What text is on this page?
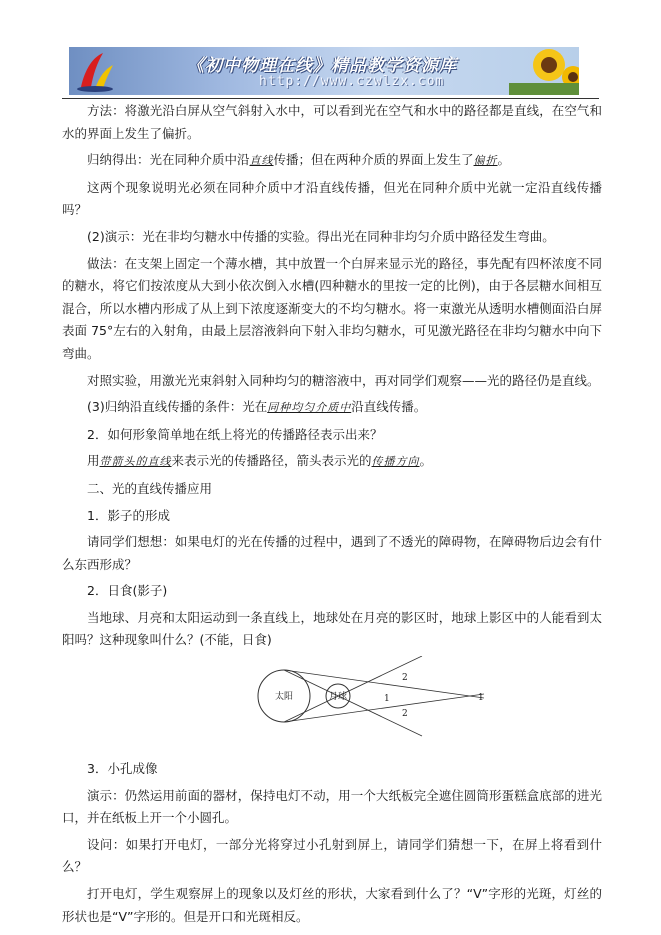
《初中物理在线》精品教学资源库
http://www.czwlzx.com

方法：将激光沿白屏从空气斜射入水中，可以看到光在空气和水中的路径都是直线，在空气和水的界面上发生了偏折。

归纳得出：光在同种介质中沿直线传播；但在两种介质的界面上发生了偏折。

这两个现象说明光必须在同种介质中才沿直线传播，但光在同种介质中光就一定沿直线传播吗？

(2)演示：光在非均匀糖水中传播的实验。得出光在同种非均匀介质中路径发生弯曲。

做法：在支架上固定一个薄水槽，其中放置一个白屏来显示光的路径，事先配有四杯浓度不同的糖水，将它们按浓度从大到小依次倒入水槽(四种糖水的里按一定的比例)，由于各层糖水间相互混合，所以水槽内形成了从上到下浓度逐渐变大的不均匀糖水。将一束激光从透明水槽侧面沿白屏表面 75°左右的入射角，由最上层溶液斜向下射入非均匀糖水，可见激光路径在非均匀糖水中向下弯曲。

对照实验，用激光光束斜射入同种均匀的糖溶液中，再对同学们观察——光的路径仍是直线。

(3)归纳沿直线传播的条件：光在同种均匀介质中沿直线传播。

2．如何形象简单地在纸上将光的传播路径表示出来？

用带箭头的直线来表示光的传播路径，箭头表示光的传播方向。

二、光的直线传播应用

1．影子的形成

请同学们想想：如果电灯的光在传播的过程中，遇到了不透光的障碍物，在障碍物后边会有什么东西形成？

2．日食(影子)

当地球、月亮和太阳运动到一条直线上，地球处在月亮的影区时，地球上影区中的人能看到太阳吗？这种现象叫什么？(不能，日食)

太阳	月球	1
2
2
1

3．小孔成像

演示：仍然运用前面的器材，保持电灯不动，用一个大纸板完全遮住圆筒形蛋糕盒底部的进光口，并在纸板上开一个小圆孔。

设问：如果打开电灯，一部分光将穿过小孔射到屏上，请同学们猜想一下，在屏上将看到什么？

打开电灯，学生观察屏上的现象以及灯丝的形状，大家看到什么了？“V”字形的光斑，灯丝的形状也是“V”字形的。但是开口和光斑相反。
